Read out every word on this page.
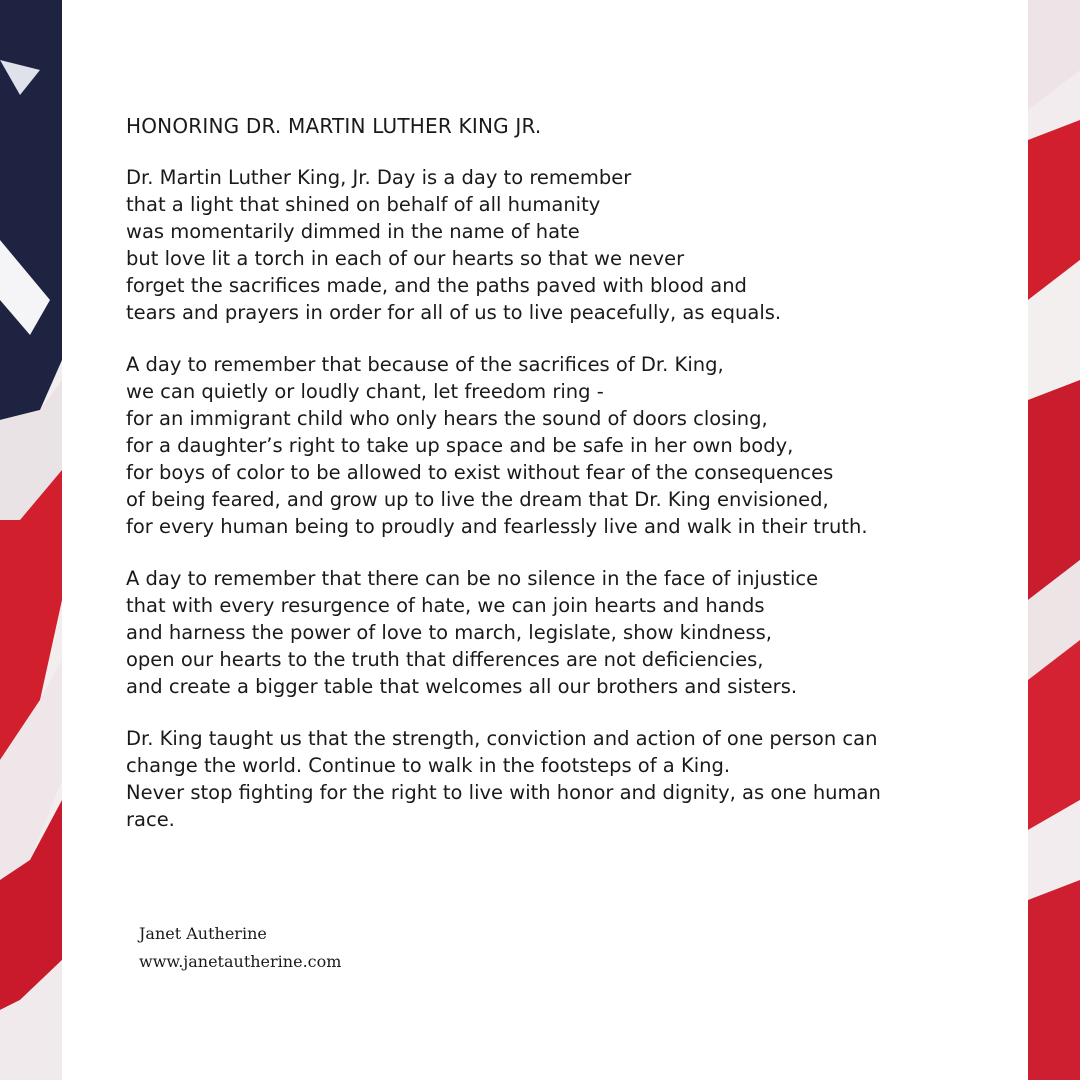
HONORING DR. MARTIN LUTHER KING JR.
Dr. Martin Luther King, Jr. Day is a day to remember
that a light that shined on behalf of all humanity
was momentarily dimmed in the name of hate
but love lit a torch in each of our hearts so that we never
forget the sacrifices made, and the paths paved with blood and
tears and prayers in order for all of us to live peacefully, as equals.
A day to remember that because of the sacrifices of Dr. King,
we can quietly or loudly chant, let freedom ring -
for an immigrant child who only hears the sound of doors closing,
for a daughter’s right to take up space and be safe in her own body,
for boys of color to be allowed to exist without fear of the consequences
of being feared, and grow up to live the dream that Dr. King envisioned,
for every human being to proudly and fearlessly live and walk in their truth.
A day to remember that there can be no silence in the face of injustice
that with every resurgence of hate, we can join hearts and hands
and harness the power of love to march, legislate, show kindness,
open our hearts to the truth that differences are not deficiencies,
and create a bigger table that welcomes all our brothers and sisters.
Dr. King taught us that the strength, conviction and action of one person can
change the world. Continue to walk in the footsteps of a King.
Never stop fighting for the right to live with honor and dignity, as one human
race.
Janet Autherine
www.janetautherine.com
